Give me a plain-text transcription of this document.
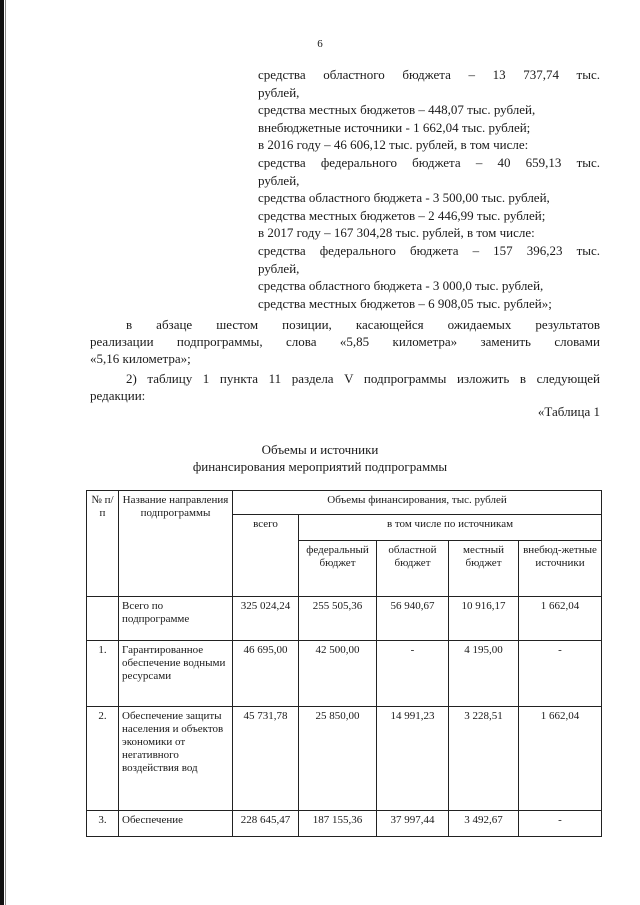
6
средства областного бюджета – 13 737,74 тыс.
рублей,
средства местных бюджетов – 448,07 тыс. рублей,
внебюджетные источники - 1 662,04 тыс. рублей;
в 2016 году – 46 606,12 тыс. рублей, в том числе:
средства федерального бюджета – 40 659,13 тыс.
рублей,
средства областного бюджета - 3 500,00 тыс. рублей,
средства местных бюджетов – 2 446,99 тыс. рублей;
в 2017 году – 167 304,28 тыс. рублей, в том числе:
средства федерального бюджета – 157 396,23 тыс.
рублей,
средства областного бюджета - 3 000,0 тыс. рублей,
средства местных бюджетов – 6 908,05 тыс. рублей»;
в абзаце шестом позиции, касающейся ожидаемых результатов
реализации подпрограммы, слова «5,85 километра» заменить словами
«5,16 километра»;
2) таблицу 1 пункта 11 раздела V подпрограммы изложить в следующей
редакции:
«Таблица 1
Объемы и источники
финансирования мероприятий подпрограммы
№ п/п	Название направления подпрограммы	Объемы финансирования, тыс. рублей				
		всего	в том числе по источникам			
			федеральный бюджет	областной бюджет	местный бюджет	внебюд-жетные источники
	Всего по подпрограмме	325 024,24	255 505,36	56 940,67	10 916,17	1 662,04
1.	Гарантированное обеспечение водными ресурсами	46 695,00	42 500,00	-	4 195,00	-
2.	Обеспечение защиты населения и объектов экономики от негативного воздействия вод	45 731,78	25 850,00	14 991,23	3 228,51	1 662,04
3.	Обеспечение	228 645,47	187 155,36	37 997,44	3 492,67	-
